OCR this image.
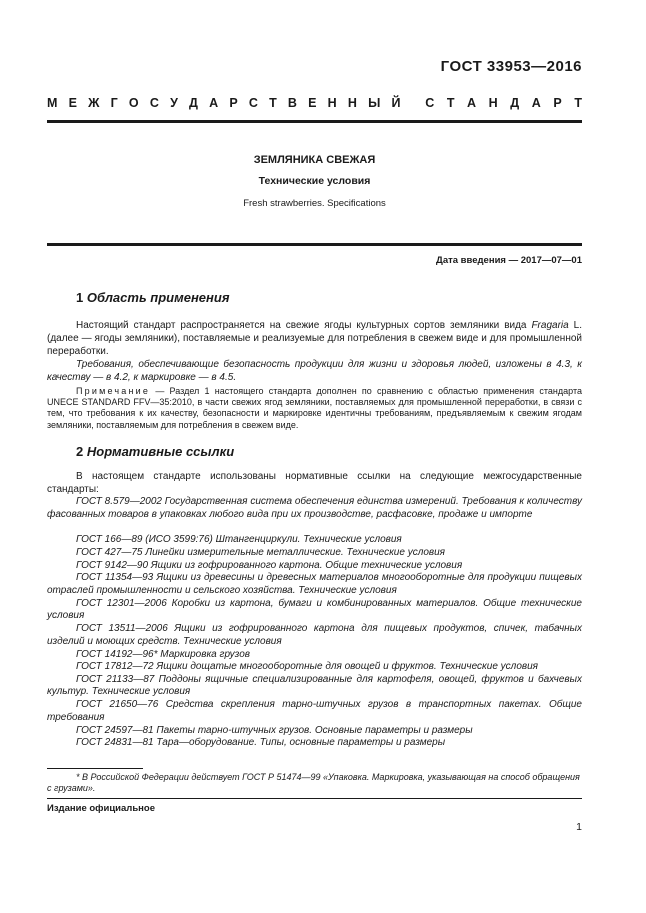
ГОСТ 33953—2016
М Е Ж Г О С У Д А Р С Т В Е Н Н Ы Й С Т А Н Д А Р Т
ЗЕМЛЯНИКА СВЕЖАЯ
Технические условия
Fresh strawberries. Specifications
Дата введения — 2017—07—01
1 Область применения
Настоящий стандарт распространяется на свежие ягоды культурных сортов земляники вида Fragaria L. (далее — ягоды земляники), поставляемые и реализуемые для потребления в свежем виде и для промышленной переработки.
Требования, обеспечивающие безопасность продукции для жизни и здоровья людей, изложены в 4.3, к качеству — в 4.2, к маркировке — в 4.5.
Примечание — Раздел 1 настоящего стандарта дополнен по сравнению с областью применения стандарта UNECE STANDARD FFV—35:2010, в части свежих ягод земляники, поставляемых для промышленной переработки, в связи с тем, что требования к их качеству, безопасности и маркировке идентичны требованиям, предъявляемым к свежим ягодам земляники, поставляемым для потребления в свежем виде.
2 Нормативные ссылки
В настоящем стандарте использованы нормативные ссылки на следующие межгосударственные стандарты:

ГОСТ 8.579—2002 Государственная система обеспечения единства измерений. Требования к количеству фасованных товаров в упаковках любого вида при их производстве, расфасовке, продаже и импорте

ГОСТ 166—89 (ИСО 3599:76) Штангенциркули. Технические условия

ГОСТ 427—75 Линейки измерительные металлические. Технические условия

ГОСТ 9142—90 Ящики из гофрированного картона. Общие технические условия

ГОСТ 11354—93 Ящики из древесины и древесных материалов многооборотные для продукции пищевых отраслей промышленности и сельского хозяйства. Технические условия

ГОСТ 12301—2006 Коробки из картона, бумаги и комбинированных материалов. Общие технические условия

ГОСТ 13511—2006 Ящики из гофрированного картона для пищевых продуктов, спичек, табачных изделий и моющих средств. Технические условия

ГОСТ 14192—96* Маркировка грузов

ГОСТ 17812—72 Ящики дощатые многооборотные для овощей и фруктов. Технические условия

ГОСТ 21133—87 Поддоны ящичные специализированные для картофеля, овощей, фруктов и бахчевых культур. Технические условия

ГОСТ 21650—76 Средства скрепления тарно-штучных грузов в транспортных пакетах. Общие требования

ГОСТ 24597—81 Пакеты тарно-штучных грузов. Основные параметры и размеры

ГОСТ 24831—81 Тара—оборудование. Типы, основные параметры и размеры

* В Российской Федерации действует ГОСТ Р 51474—99 «Упаковка. Маркировка, указывающая на способ обращения с грузами».
Издание официальное
1
